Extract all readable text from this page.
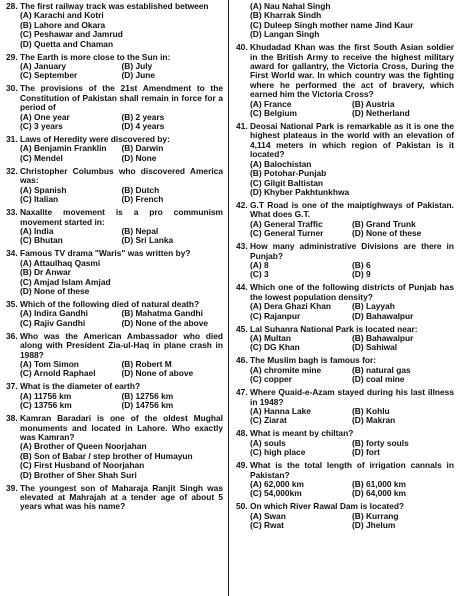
28. The first railway track was established between
(A) Karachi and Kotri
(B) Lahore and Okara
(C) Peshawar and Jamrud
(D) Quetta and Chaman
29. The Earth is more close to the Sun in:
(A) January	(B) July
(C) September	(D) June
30. The provisions of the 21st Amendment to the Constitution of Pakistan shall remain in force for a period of
(A) One year	(B) 2 years
(C) 3 years	(D) 4 years
31. Laws of Heredity were discovered by:
(A) Benjamin Franklin	(B) Darwin
(C) Mendel	(D) None
32. Christopher Columbus who discovered America was:
(A) Spanish	(B) Dutch
(C) Italian	(D) French
33. Naxalite movement is a pro communism movement started in:
(A) India	(B) Nepal
(C) Bhutan	(D) Sri Lanka
34. Famous TV drama "Waris" was written by?
(A) Attaulhaq Qasmi
(B) Dr Anwar
(C) Amjad Islam Amjad
(D) None of these
35. Which of the following died of natural death?
(A) Indira Gandhi	(B) Mahatma Gandhi
(C) Rajiv Gandhi	(D) None of the above
36. Who was the American Ambassador who died along with President Zia-ul-Haq in plane crash in 1988?
(A) Tom Simon	(B) Robert M
(C) Arnold Raphael	(D) None of above
37. What is the diameter of earth?
(A) 11756 km	(B) 12756 km
(C) 13756 km	(D) 14756 km
38. Kamran Baradari is one of the oldest Mughal monuments and located in Lahore. Who exactly was Kamran?
(A) Brother of Queen Noorjahan
(B) Son of Babar / step brother of Humayun
(C) First Husband of Noorjahan
(D) Brother of Sher Shah Suri
39. The youngest son of Maharaja Ranjit Singh was elevated at Mahrajah at a tender age of about 5 years what was his name?
(A) Nau Nahal Singh
(B) Kharrak Sindh
(C) Duleep Singh mother name Jind Kaur
(D) Langan Singh
40. Khudadad Khan was the first South Asian soldier in the British Army to receive the highest military award for gallantry, the Victoria Cross, During the First World war. In which country was the fighting where he performed the act of bravery, which earned him the Victoria Cross?
(A) France	(B) Austria
(C) Belgium	(D) Netherland
41. Deosai National Park is remarkable as it is one the highest plateaus in the world with an elevation of 4,114 meters in which region of Pakistan is it located?
(A) Balochistan
(B) Potohar-Punjab
(C) Gilgit Baltistan
(D) Khyber Pakhtunkhwa
42. G.T Road is one of the maiptighways of Pakistan. What does G.T.
(A) General Traffic	(B) Grand Trunk
(C) General Turner	(D) None of these
43. How many administrative Divisions are there in Punjab?
(A) 8	(B) 6
(C) 3	(D) 9
44. Which one of the following districts of Punjab has the lowest population density?
(A) Dera Ghazi Khan	(B) Layyah
(C) Rajanpur	(D) Bahawalpur
45. Lal Suhanra National Park is located near:
(A) Multan	(B) Bahawalpur
(C) DG Khan	(D) Sahiwal
46. The Muslim bagh is famous for:
(A) chromite mine	(B) natural gas
(C) copper	(D) coal mine
47. Where Quaid-e-Azam stayed during his last illness in 1948?
(A) Hanna Lake	(B) Kohlu
(C) Ziarat	(D) Makran
48. What is meant by chiltan?
(A) souls	(B) forty souls
(C) high place	(D) fort
49. What is the total length of irrigation cannals in Pakistan?
(A) 62,000 km	(B) 61,000 km
(C) 54,000km	(D) 64,000 km
50. On which River Rawal Dam is located?
(A) Swan	(B) Kurrang
(C) Rwat	(D) Jhelum
